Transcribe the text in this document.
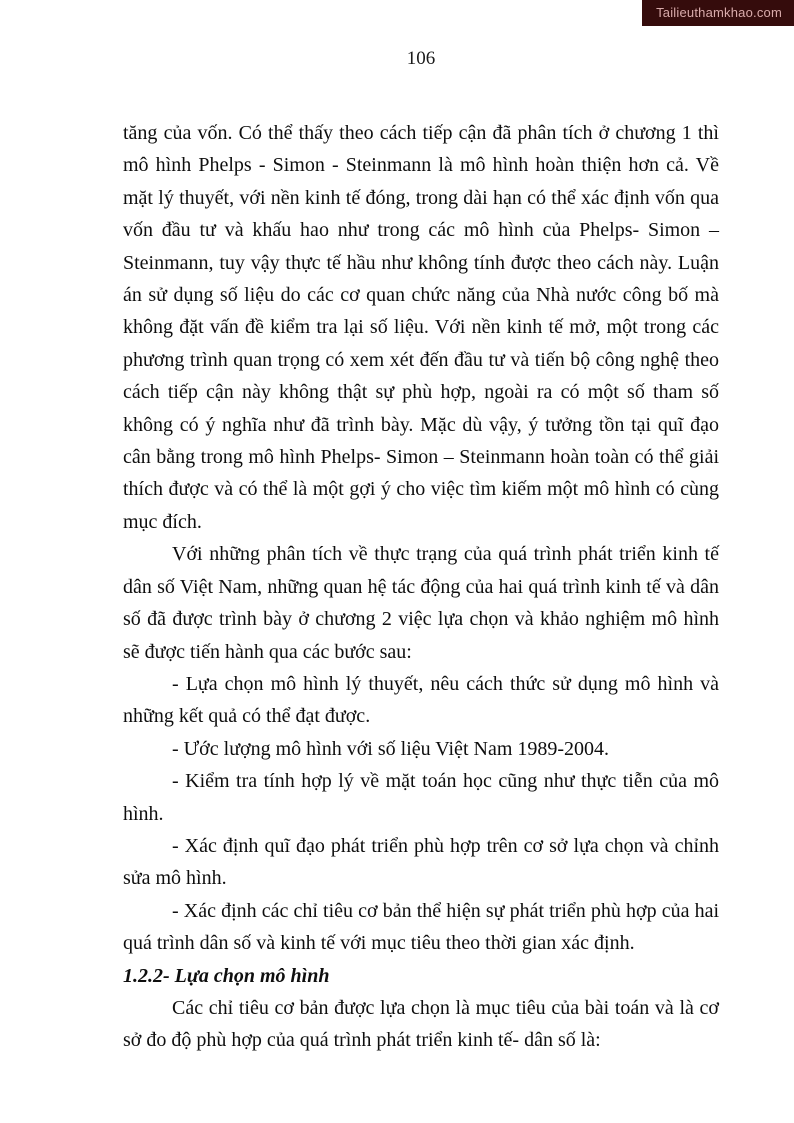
Tailieuthamkhao.com
106

tăng của vốn. Có thể thấy theo cách tiếp cận đã phân tích ở chương 1 thì mô hình Phelps - Simon - Steinmann là mô hình hoàn thiện hơn cả. Về mặt lý thuyết, với nền kinh tế đóng, trong dài hạn có thể xác định vốn qua vốn đầu tư và khấu hao như trong các mô hình của Phelps- Simon – Steinmann, tuy vậy thực tế hầu như không tính được theo cách này. Luận án sử dụng số liệu do các cơ quan chức năng của Nhà nước công bố mà không đặt vấn đề kiểm tra lại số liệu. Với nền kinh tế mở, một trong các phương trình quan trọng có xem xét đến đầu tư và tiến bộ công nghệ theo cách tiếp cận này không thật sự phù hợp, ngoài ra có một số tham số không có ý nghĩa như đã trình bày. Mặc dù vậy, ý tưởng tồn tại quĩ đạo cân bằng trong mô hình Phelps- Simon – Steinmann hoàn toàn có thể giải thích được và có thể là một gợi ý cho việc tìm kiếm một mô hình có cùng mục đích.

Với những phân tích về thực trạng của quá trình phát triển kinh tế dân số Việt Nam, những quan hệ tác động của hai quá trình kinh tế và dân số đã được trình bày ở chương 2 việc lựa chọn và khảo nghiệm mô hình sẽ được tiến hành qua các bước sau:

- Lựa chọn mô hình lý thuyết, nêu cách thức sử dụng mô hình và những kết quả có thể đạt được.

- Ước lượng mô hình với số liệu Việt Nam 1989-2004.

- Kiểm tra tính hợp lý về mặt toán học cũng như thực tiễn của mô hình.

- Xác định quĩ đạo phát triển phù hợp trên cơ sở lựa chọn và chỉnh sửa mô hình.

- Xác định các chỉ tiêu cơ bản thể hiện sự phát triển phù hợp của hai quá trình dân số và kinh tế với mục tiêu theo thời gian xác định.

1.2.2- Lựa chọn mô hình

Các chỉ tiêu cơ bản được lựa chọn là mục tiêu của bài toán và là cơ sở đo độ phù hợp của quá trình phát triển kinh tế- dân số là:
